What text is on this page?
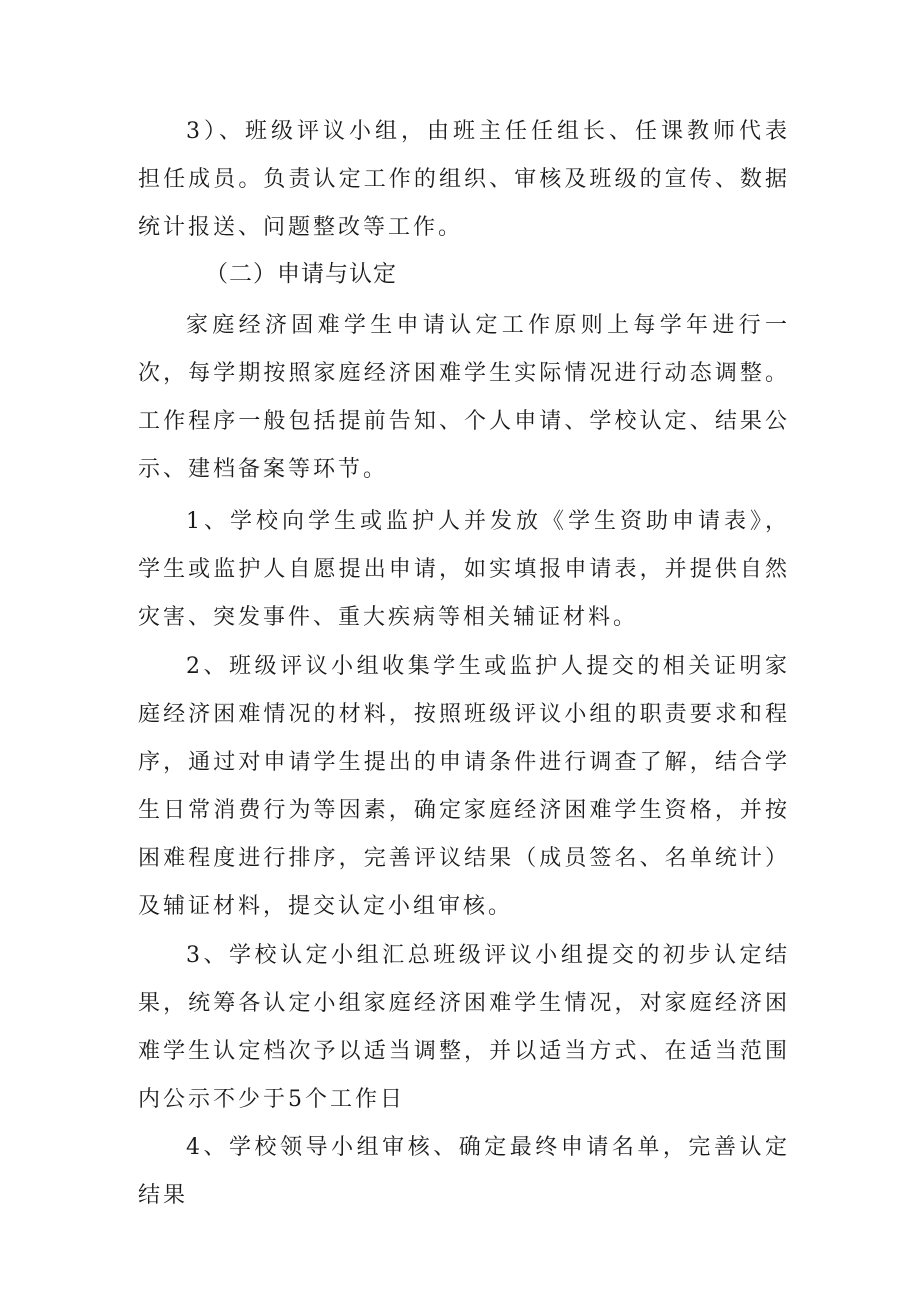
3）、班级评议小组，由班主任任组长、任课教师代表担任成员。负责认定工作的组织、审核及班级的宣传、数据统计报送、问题整改等工作。

（二）申请与认定

家庭经济固难学生申请认定工作原则上每学年进行一次，每学期按照家庭经济困难学生实际情况进行动态调整。工作程序一般包括提前告知、个人申请、学校认定、结果公示、建档备案等环节。

1、学校向学生或监护人并发放《学生资助申请表》，学生或监护人自愿提出申请，如实填报申请表，并提供自然灾害、突发事件、重大疾病等相关辅证材料。

2、班级评议小组收集学生或监护人提交的相关证明家庭经济困难情况的材料，按照班级评议小组的职责要求和程序，通过对申请学生提出的申请条件进行调查了解，结合学生日常消费行为等因素，确定家庭经济困难学生资格，并按困难程度进行排序，完善评议结果（成员签名、名单统计）及辅证材料，提交认定小组审核。

3、学校认定小组汇总班级评议小组提交的初步认定结果，统筹各认定小组家庭经济困难学生情况，对家庭经济困难学生认定档次予以适当调整，并以适当方式、在适当范围内公示不少于5个工作日

4、学校领导小组审核、确定最终申请名单，完善认定结果
